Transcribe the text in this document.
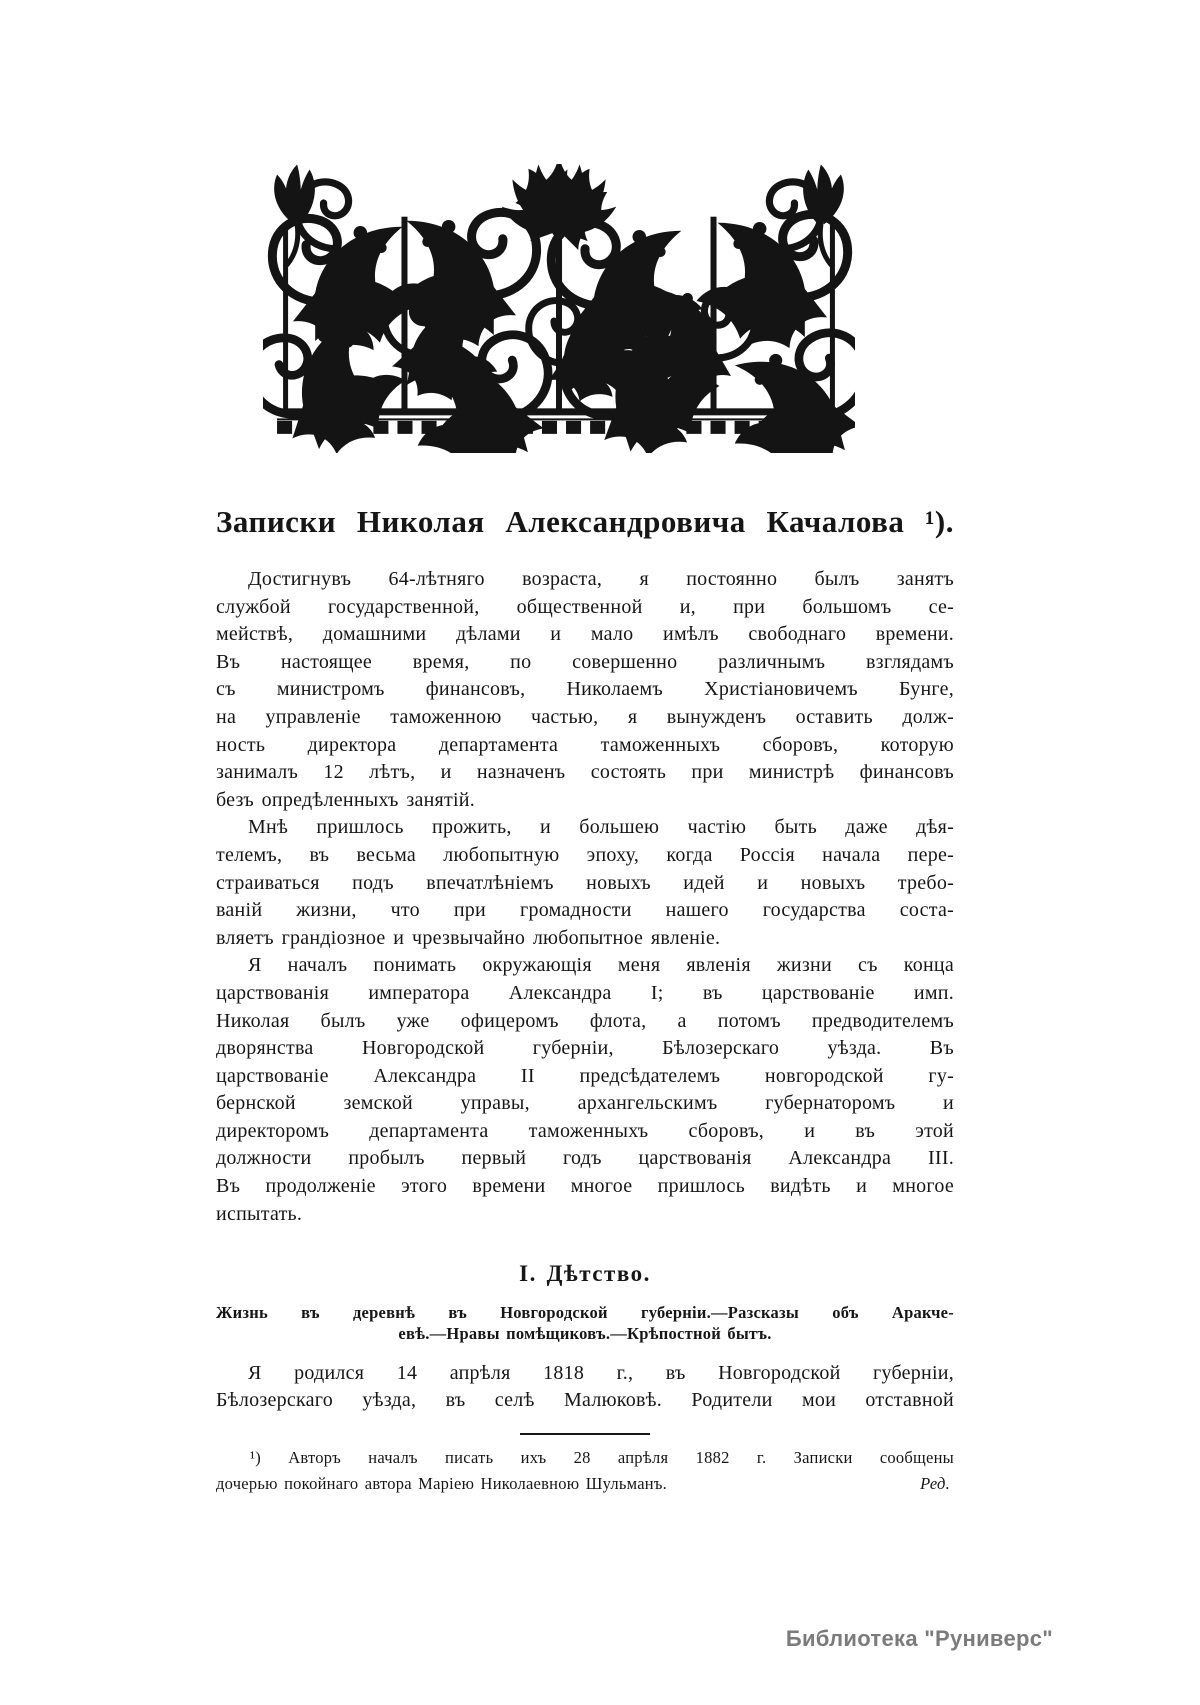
Записки Николая Александровича Качалова ¹).
Достигнувъ 64-лѣтняго возраста, я постоянно былъ занятъ
службой государственной, общественной и, при большомъ се-
мействѣ, домашними дѣлами и мало имѣлъ свободнаго времени.
Въ настоящее время, по совершенно различнымъ взглядамъ
съ министромъ финансовъ, Николаемъ Христіановичемъ Бунге,
на управленіе таможенною частью, я вынужденъ оставить долж-
ность директора департамента таможенныхъ сборовъ, которую
занималъ 12 лѣтъ, и назначенъ состоять при министрѣ финансовъ
безъ опредѣленныхъ занятій.
Мнѣ пришлось прожить, и большею частію быть даже дѣя-
телемъ, въ весьма любопытную эпоху, когда Россія начала пере-
страиваться подъ впечатлѣніемъ новыхъ идей и новыхъ требо-
ваній жизни, что при громадности нашего государства соста-
вляетъ грандіозное и чрезвычайно любопытное явленіе.
Я началъ понимать окружающія меня явленія жизни съ конца
царствованія императора Александра I; въ царствованіе имп.
Николая былъ уже офицеромъ флота, а потомъ предводителемъ
дворянства Новгородской губерніи, Бѣлозерскаго уѣзда. Въ
царствованіе Александра II предсѣдателемъ новгородской гу-
бернской земской управы, архангельскимъ губернаторомъ и
директоромъ департамента таможенныхъ сборовъ, и въ этой
должности пробылъ первый годъ царствованія Александра III.
Въ продолженіе этого времени многое пришлось видѣть и многое
испытать.
I. Дѣтство.
Жизнь въ деревнѣ въ Новгородской губерніи.—Разсказы объ Аракче-
евѣ.—Нравы помѣщиковъ.—Крѣпостной бытъ.
Я родился 14 апрѣля 1818 г., въ Новгородской губерніи,
Бѣлозерскаго уѣзда, въ селѣ Малюковѣ. Родители мои отставной
¹) Авторъ началъ писать ихъ 28 апрѣля 1882 г. Записки сообщены
дочерью покойнаго автора Маріею Николаевною Шульманъ.	Ред.
Библиотека "Руниверс"
